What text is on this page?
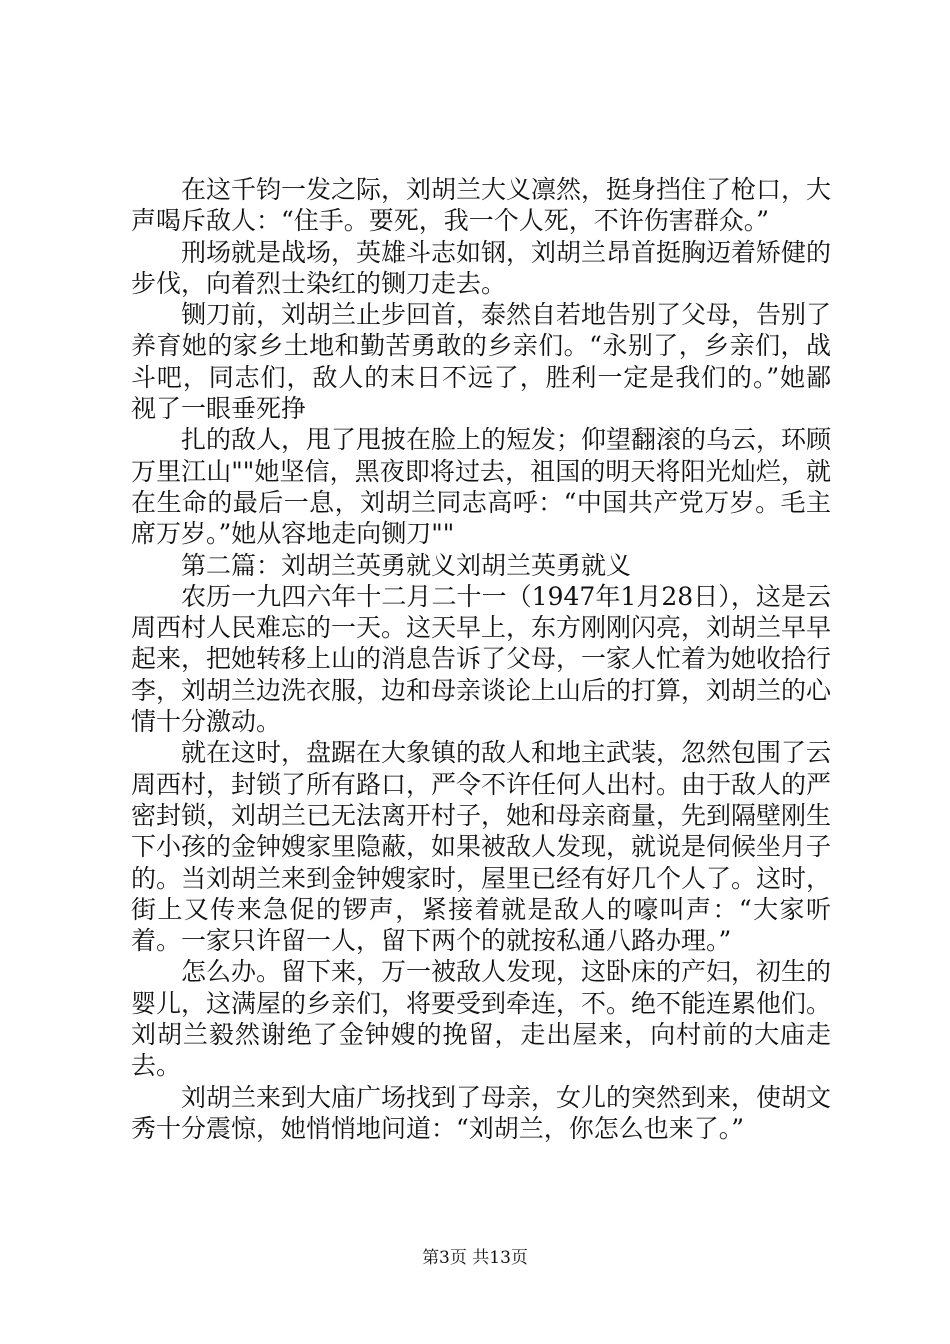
在这千钧一发之际，刘胡兰大义凛然，挺身挡住了枪口，大声喝斥敌人：“住手。要死，我一个人死，不许伤害群众。”

刑场就是战场，英雄斗志如钢，刘胡兰昂首挺胸迈着矫健的步伐，向着烈士染红的铡刀走去。

铡刀前，刘胡兰止步回首，泰然自若地告别了父母，告别了养育她的家乡土地和勤苦勇敢的乡亲们。“永别了，乡亲们，战斗吧，同志们，敌人的末日不远了，胜利一定是我们的。”她鄙视了一眼垂死挣

扎的敌人，甩了甩披在脸上的短发；仰望翻滚的乌云，环顾万里江山""她坚信，黑夜即将过去，祖国的明天将阳光灿烂，就在生命的最后一息，刘胡兰同志高呼：“中国共产党万岁。毛主席万岁。”她从容地走向铡刀""

第二篇：刘胡兰英勇就义刘胡兰英勇就义

农历一九四六年十二月二十一（1947年1月28日），这是云周西村人民难忘的一天。这天早上，东方刚刚闪亮，刘胡兰早早起来，把她转移上山的消息告诉了父母，一家人忙着为她收拾行李，刘胡兰边洗衣服，边和母亲谈论上山后的打算，刘胡兰的心情十分激动。

就在这时，盘踞在大象镇的敌人和地主武装，忽然包围了云周西村，封锁了所有路口，严令不许任何人出村。由于敌人的严密封锁，刘胡兰已无法离开村子，她和母亲商量，先到隔壁刚生下小孩的金钟嫂家里隐蔽，如果被敌人发现，就说是伺候坐月子的。当刘胡兰来到金钟嫂家时，屋里已经有好几个人了。这时，街上又传来急促的锣声，紧接着就是敌人的嚎叫声：“大家听着。一家只许留一人，留下两个的就按私通八路办理。”

怎么办。留下来，万一被敌人发现，这卧床的产妇，初生的婴儿，这满屋的乡亲们，将要受到牵连，不。绝不能连累他们。刘胡兰毅然谢绝了金钟嫂的挽留，走出屋来，向村前的大庙走去。

刘胡兰来到大庙广场找到了母亲，女儿的突然到来，使胡文秀十分震惊，她悄悄地问道：“刘胡兰，你怎么也来了。”

第3页 共13页
